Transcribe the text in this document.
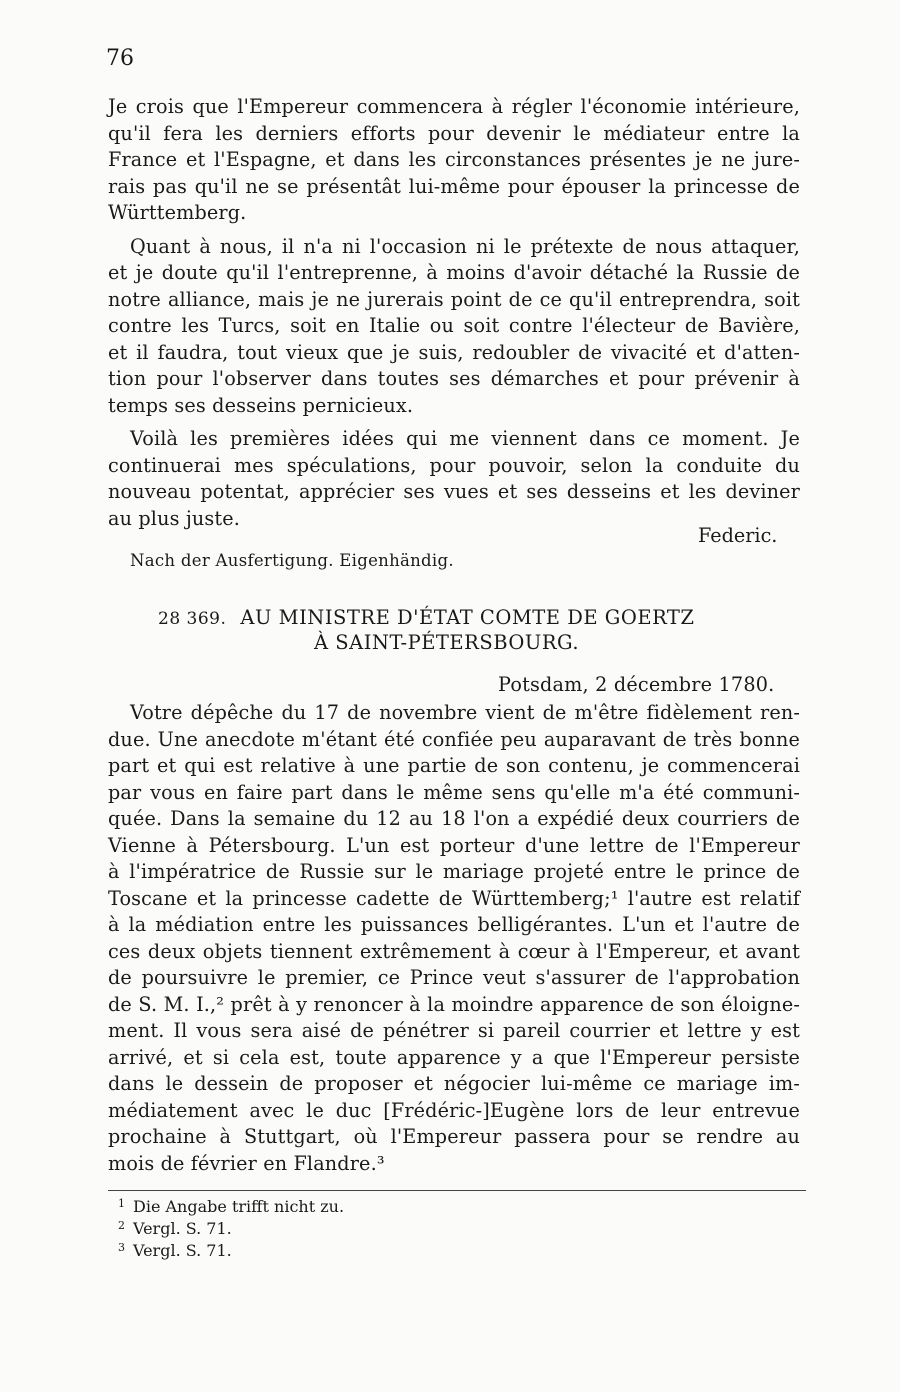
76
Je crois que l'Empereur commencera à régler l'économie intérieure,
qu'il fera les derniers efforts pour devenir le médiateur entre la
France et l'Espagne, et dans les circonstances présentes je ne jure-
rais pas qu'il ne se présentât lui-même pour épouser la princesse de
Württemberg.
Quant à nous, il n'a ni l'occasion ni le prétexte de nous attaquer,
et je doute qu'il l'entreprenne, à moins d'avoir détaché la Russie de
notre alliance, mais je ne jurerais point de ce qu'il entreprendra, soit
contre les Turcs, soit en Italie ou soit contre l'électeur de Bavière,
et il faudra, tout vieux que je suis, redoubler de vivacité et d'atten-
tion pour l'observer dans toutes ses démarches et pour prévenir à
temps ses desseins pernicieux.
Voilà les premières idées qui me viennent dans ce moment. Je
continuerai mes spéculations, pour pouvoir, selon la conduite du
nouveau potentat, apprécier ses vues et ses desseins et les deviner
au plus juste.
Federic.
Nach der Ausfertigung. Eigenhändig.
28 369. AU MINISTRE D'ÉTAT COMTE DE GOERTZ
À SAINT-PÉTERSBOURG.
Potsdam, 2 décembre 1780.
Votre dépêche du 17 de novembre vient de m'être fidèlement ren-
due. Une anecdote m'étant été confiée peu auparavant de très bonne
part et qui est relative à une partie de son contenu, je commencerai
par vous en faire part dans le même sens qu'elle m'a été communi-
quée. Dans la semaine du 12 au 18 l'on a expédié deux courriers de
Vienne à Pétersbourg. L'un est porteur d'une lettre de l'Empereur
à l'impératrice de Russie sur le mariage projeté entre le prince de
Toscane et la princesse cadette de Württemberg;¹ l'autre est relatif
à la médiation entre les puissances belligérantes. L'un et l'autre de
ces deux objets tiennent extrêmement à cœur à l'Empereur, et avant
de poursuivre le premier, ce Prince veut s'assurer de l'approbation
de S. M. I.,² prêt à y renoncer à la moindre apparence de son éloigne-
ment. Il vous sera aisé de pénétrer si pareil courrier et lettre y est
arrivé, et si cela est, toute apparence y a que l'Empereur persiste
dans le dessein de proposer et négocier lui-même ce mariage im-
médiatement avec le duc [Frédéric-]Eugène lors de leur entrevue
prochaine à Stuttgart, où l'Empereur passera pour se rendre au
mois de février en Flandre.³
$^1$ Die Angabe trifft nicht zu.
$^2$ Vergl. S. 71.
$^3$ Vergl. S. 71.
